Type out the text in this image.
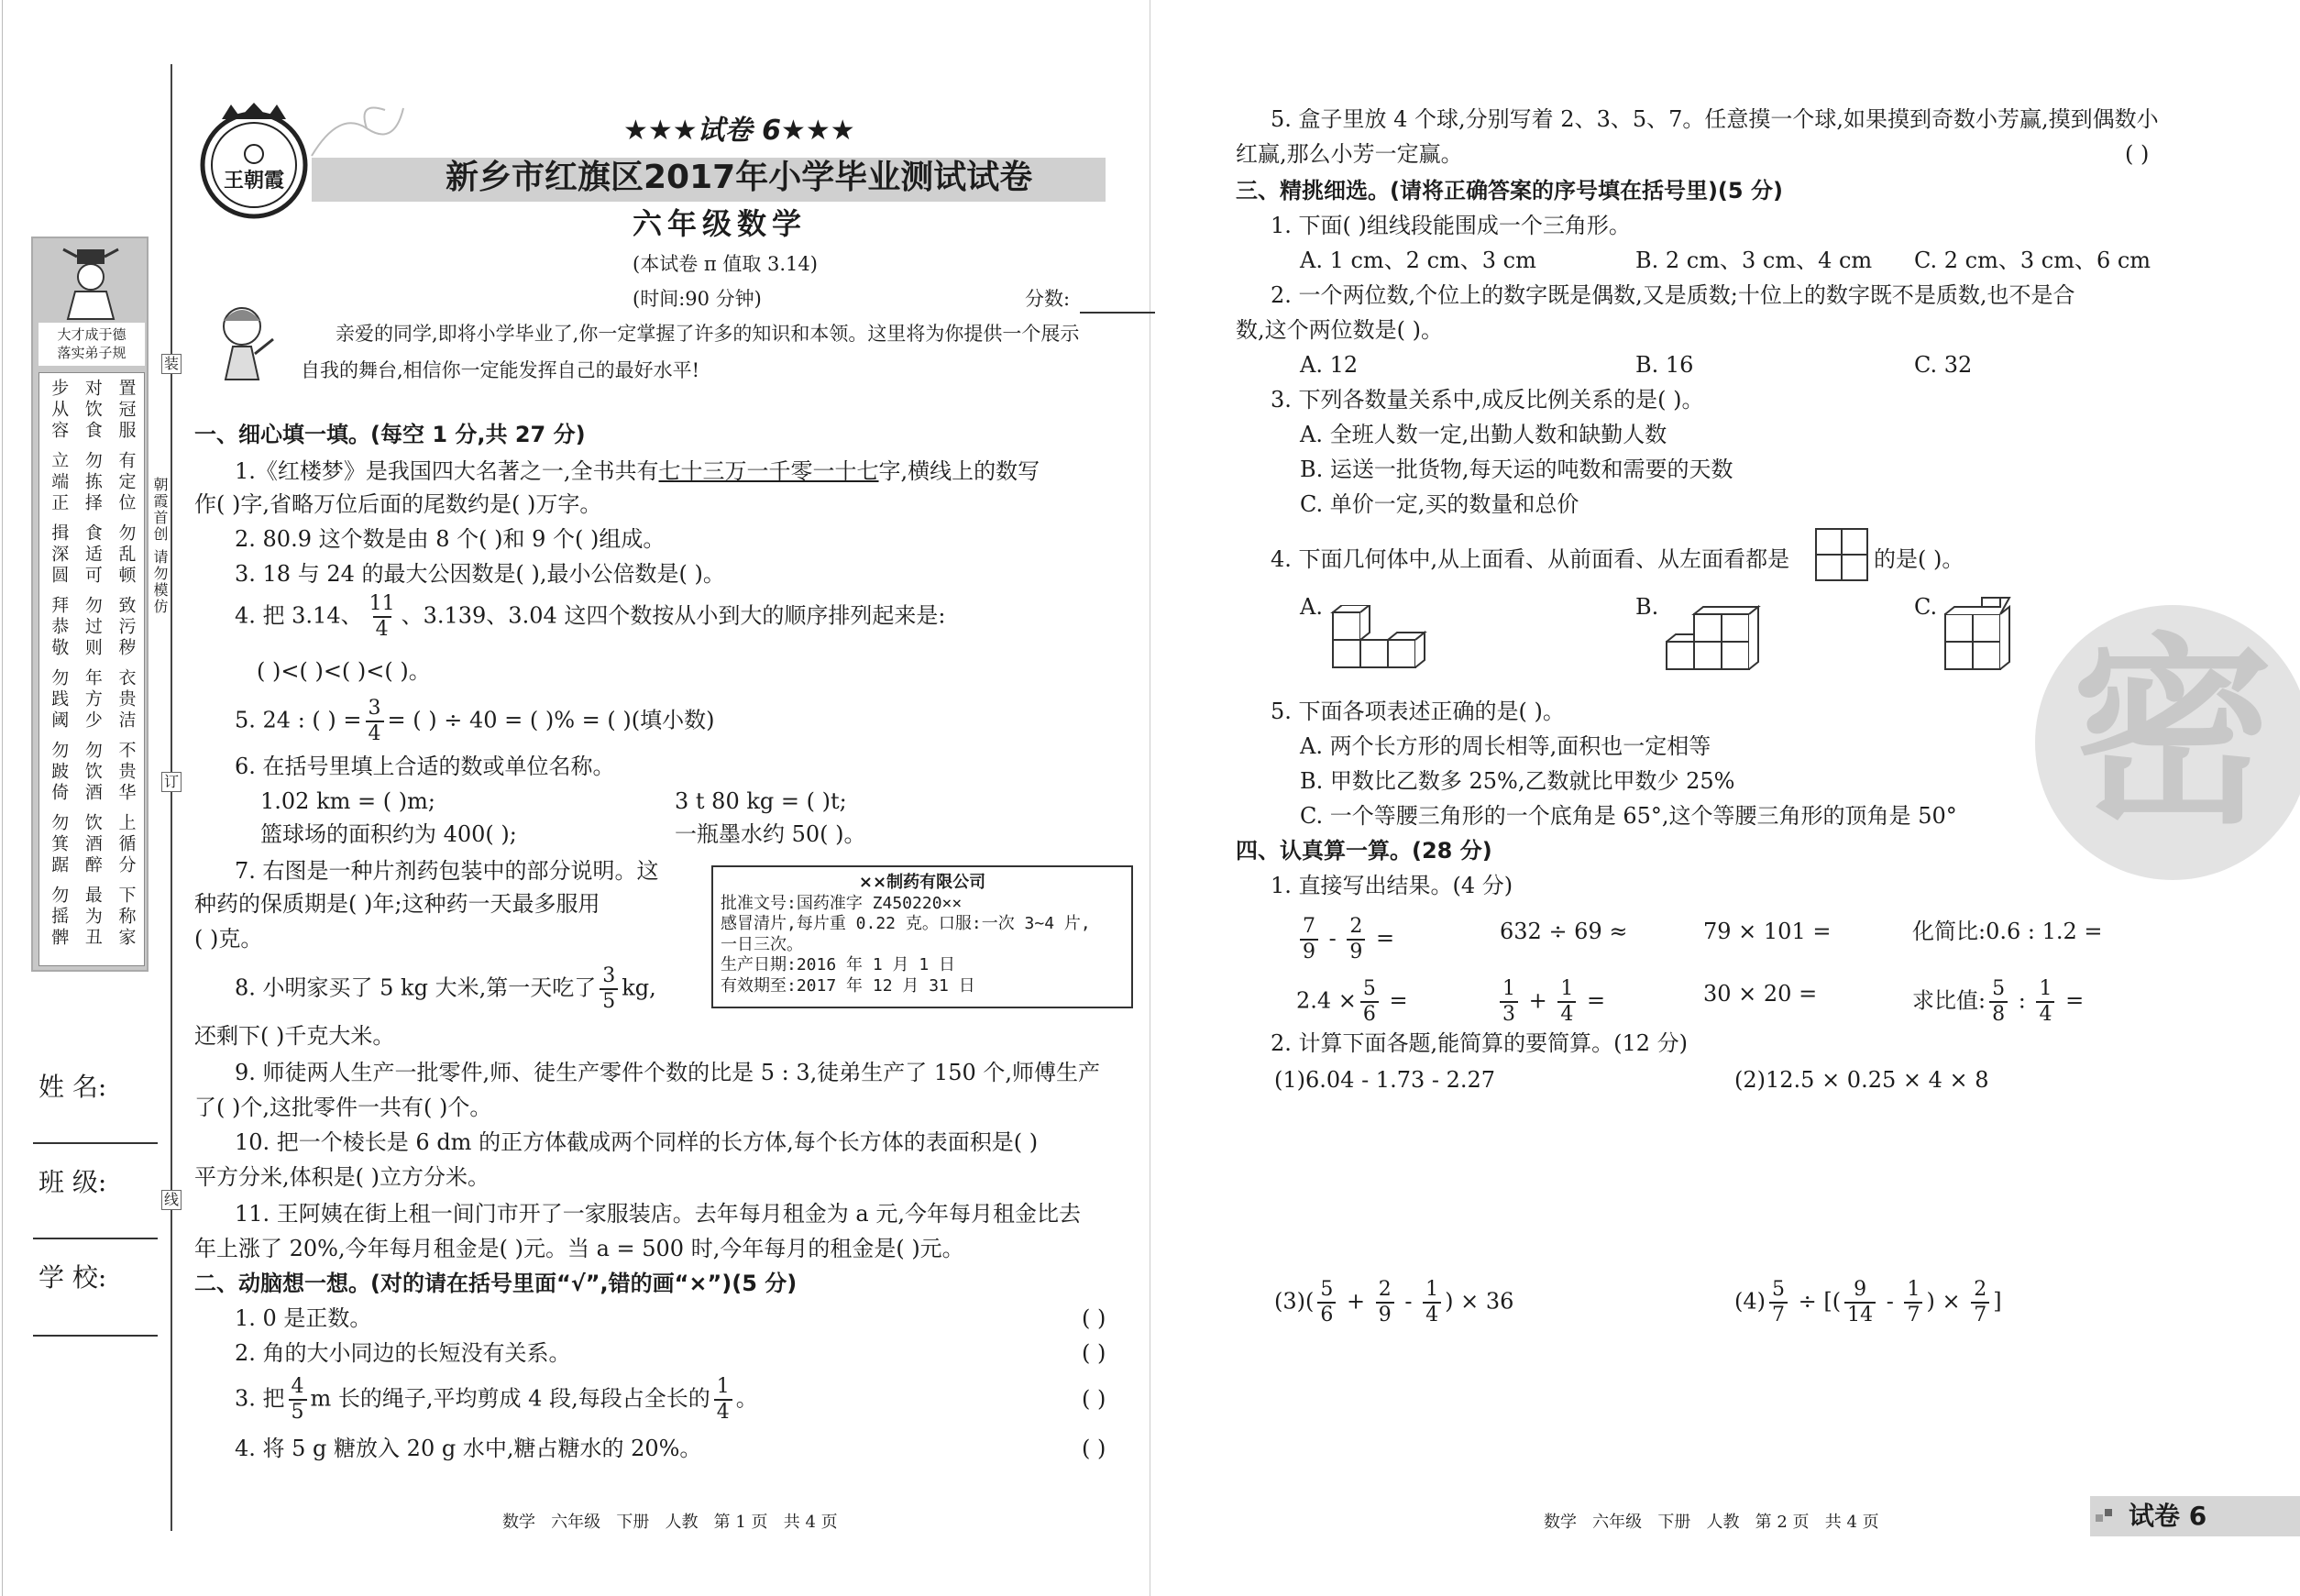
大才成于德
落实弟子规
步从容 对饮食 置冠服
立端正 勿拣择 有定位
揖深圆 食适可 勿乱顿
拜恭敬 勿过则 致污秽
勿践阈 年方少 衣贵洁
勿跛倚 勿饮酒 不贵华
勿箕踞 饮酒醉 上循分
勿摇髀 最为丑 下称家
朝霞首创 请勿模仿
装
订
线
姓 名:
班 级:
学 校:
王朝霞
★★★试卷 6★★★
新乡市红旗区2017年小学毕业测试试卷
六年级数学
(本试卷 π 值取 3.14)
(时间:90 分钟)	分数:
亲爱的同学,即将小学毕业了,你一定掌握了许多的知识和本领。这里将为你提供一个展示
自我的舞台,相信你一定能发挥自己的最好水平!
一、细心填一填。(每空 1 分,共 27 分)
1.《红楼梦》是我国四大名著之一,全书共有七十三万一千零一十七字,横线上的数写
作( )字,省略万位后面的尾数约是( )万字。
2. 80.9 这个数是由 8 个( )和 9 个( )组成。
3. 18 与 24 的最大公因数是( ),最小公倍数是( )。
4. 把 3.14、 $\frac{11}{4}$ 、3.139、3.04 这四个数按从小到大的顺序排列起来是:
( )<( )<( )<( )。
5. 24 : ( ) = $\frac{3}{4}$ = ( ) ÷ 40 = ( )% = ( )(填小数)
6. 在括号里填上合适的数或单位名称。
1.02 km = ( )m;	3 t 80 kg = ( )t;
篮球场的面积约为 400( );	一瓶墨水约 50( )。
7. 右图是一种片剂药包装中的部分说明。这
种药的保质期是( )年;这种药一天最多服用
( )克。
××制药有限公司
批准文号:国药准字 Z450220××
感冒清片,每片重 0.22 克。口服:一次 3~4 片,
一日三次。
生产日期:2016 年 1 月 1 日
有效期至:2017 年 12 月 31 日
8. 小明家买了 5 kg 大米,第一天吃了 $\frac{3}{5}$ kg,
还剩下( )千克大米。
9. 师徒两人生产一批零件,师、徒生产零件个数的比是 5 : 3,徒弟生产了 150 个,师傅生产
了( )个,这批零件一共有( )个。
10. 把一个棱长是 6 dm 的正方体截成两个同样的长方体,每个长方体的表面积是( )
平方分米,体积是( )立方分米。
11. 王阿姨在街上租一间门市开了一家服装店。去年每月租金为 a 元,今年每月租金比去
年上涨了 20%,今年每月租金是( )元。当 a = 500 时,今年每月的租金是( )元。
二、动脑想一想。(对的请在括号里面“√”,错的画“×”)(5 分)
1. 0 是正数。	( )
2. 角的大小同边的长短没有关系。	( )
3. 把 $\frac{4}{5}$ m 长的绳子,平均剪成 4 段,每段占全长的 $\frac{1}{4}$ 。	( )
4. 将 5 g 糖放入 20 g 水中,糖占糖水的 20%。	( )
数学   六年级   下册   人教   第 1 页   共 4 页
5. 盒子里放 4 个球,分别写着 2、3、5、7。任意摸一个球,如果摸到奇数小芳赢,摸到偶数小
红赢,那么小芳一定赢。	( )
三、精挑细选。(请将正确答案的序号填在括号里)(5 分)
1. 下面( )组线段能围成一个三角形。
A. 1 cm、2 cm、3 cm	B. 2 cm、3 cm、4 cm C. 2 cm、3 cm、6 cm
2. 一个两位数,个位上的数字既是偶数,又是质数;十位上的数字既不是质数,也不是合
数,这个两位数是( )。
A. 12	B. 16	C. 32
3. 下列各数量关系中,成反比例关系的是( )。
A. 全班人数一定,出勤人数和缺勤人数
B. 运送一批货物,每天运的吨数和需要的天数
C. 单价一定,买的数量和总价
4. 下面几何体中,从上面看、从前面看、从左面看都是	的是( )。
A.	B.	C.
5. 下面各项表述正确的是( )。
A. 两个长方形的周长相等,面积也一定相等
B. 甲数比乙数多 25%,乙数就比甲数少 25%
C. 一个等腰三角形的一个底角是 65°,这个等腰三角形的顶角是 50°
四、认真算一算。(28 分)
1. 直接写出结果。(4 分)
$\frac{7}{9} - \frac{2}{9}$ =	632 ÷ 69 ≈	79 × 101 =	化简比:0.6 : 1.2 =
$2.4 \times \frac{5}{6}$ =	$\frac{1}{3} + \frac{1}{4}$ =	30 × 20 =	求比值: $\frac{5}{8}$ : $\frac{1}{4}$ =
2. 计算下面各题,能简算的要简算。(12 分)
(1)6.04 - 1.73 - 2.27	(2)12.5 × 0.25 × 4 × 8
$(3)( \frac{5}{6} + \frac{2}{9} - \frac{1}{4}$ ) × 36	$(4) \frac{5}{7}$ ÷ [( $\frac{9}{14} - \frac{1}{7}$ ) × $\frac{2}{7}$ ]
密
数学   六年级   下册   人教   第 2 页   共 4 页	试卷 6
